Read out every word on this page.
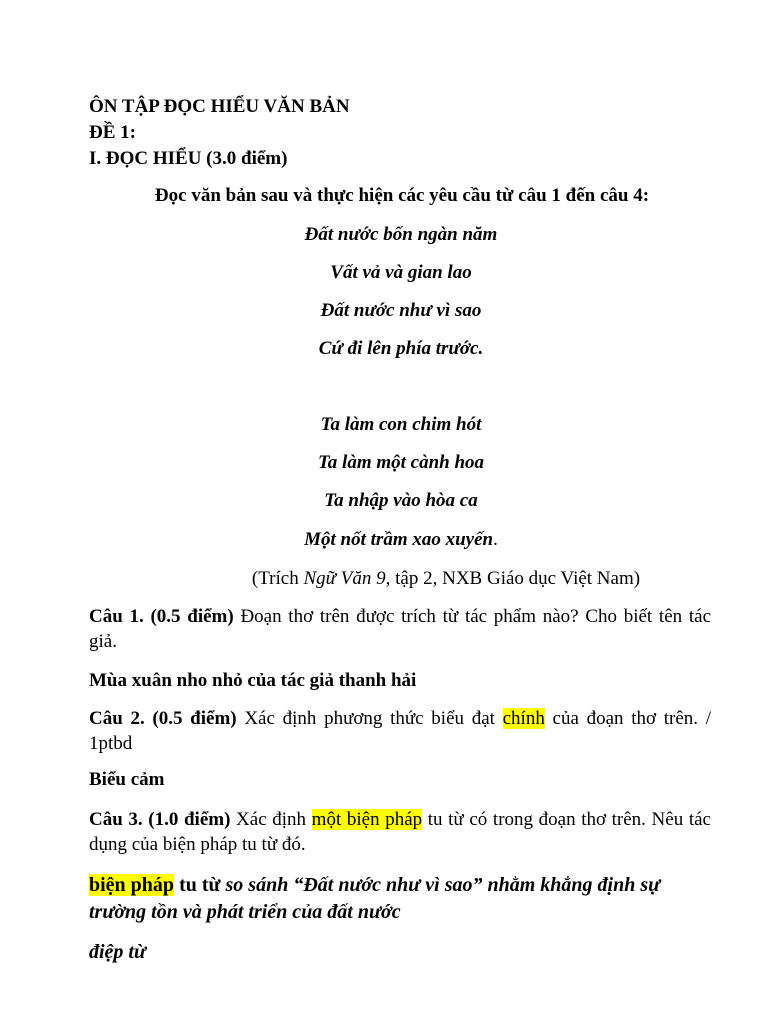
ÔN TẬP ĐỌC HIỂU VĂN BẢN
ĐỀ 1:
I. ĐỌC HIỂU (3.0 điểm)
Đọc văn bản sau và thực hiện các yêu cầu từ câu 1 đến câu 4:
Đất nước bốn ngàn năm
Vất vả và gian lao
Đất nước như vì sao
Cứ đi lên phía trước.
Ta làm con chim hót
Ta làm một cành hoa
Ta nhập vào hòa ca
Một nốt trầm xao xuyến.
(Trích Ngữ Văn 9, tập 2, NXB Giáo dục Việt Nam)
Câu 1. (0.5 điểm) Đoạn thơ trên được trích từ tác phẩm nào? Cho biết tên tác giả.
Mùa xuân nho nhỏ của tác giả thanh hải
Câu 2. (0.5 điểm) Xác định phương thức biểu đạt chính của đoạn thơ trên. / 1ptbd
Biểu cảm
Câu 3. (1.0 điểm) Xác định một biện pháp tu từ có trong đoạn thơ trên. Nêu tác dụng của biện pháp tu từ đó.
biện pháp tu từ so sánh “Đất nước như vì sao” nhằm khẳng định sự trường tồn và phát triển của đất nước
điệp từ
